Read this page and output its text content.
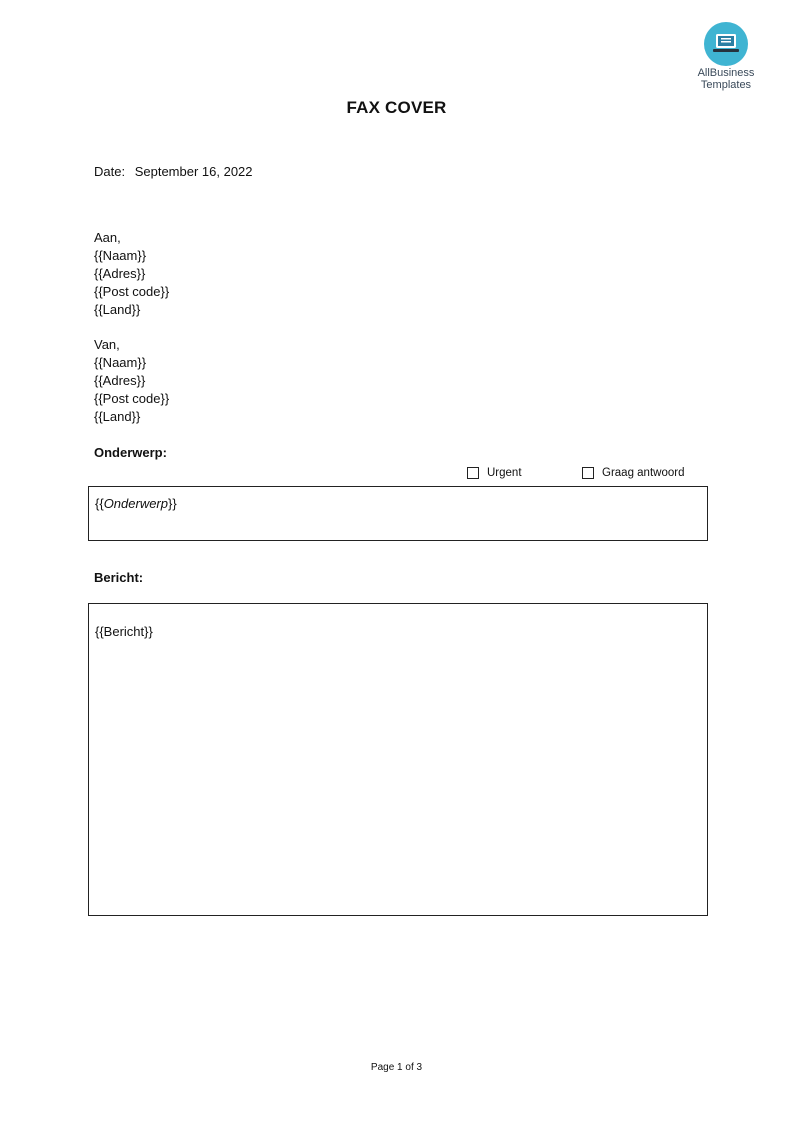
AllBusiness
Templates
FAX COVER
Date: September 16, 2022
Aan,
{{Naam}}
{{Adres}}
{{Post code}}
{{Land}}
Van,
{{Naam}}
{{Adres}}
{{Post code}}
{{Land}}
Onderwerp:
Urgent	Graag antwoord
{{Onderwerp}}
Bericht:
{{Bericht}}
Page 1 of 3
